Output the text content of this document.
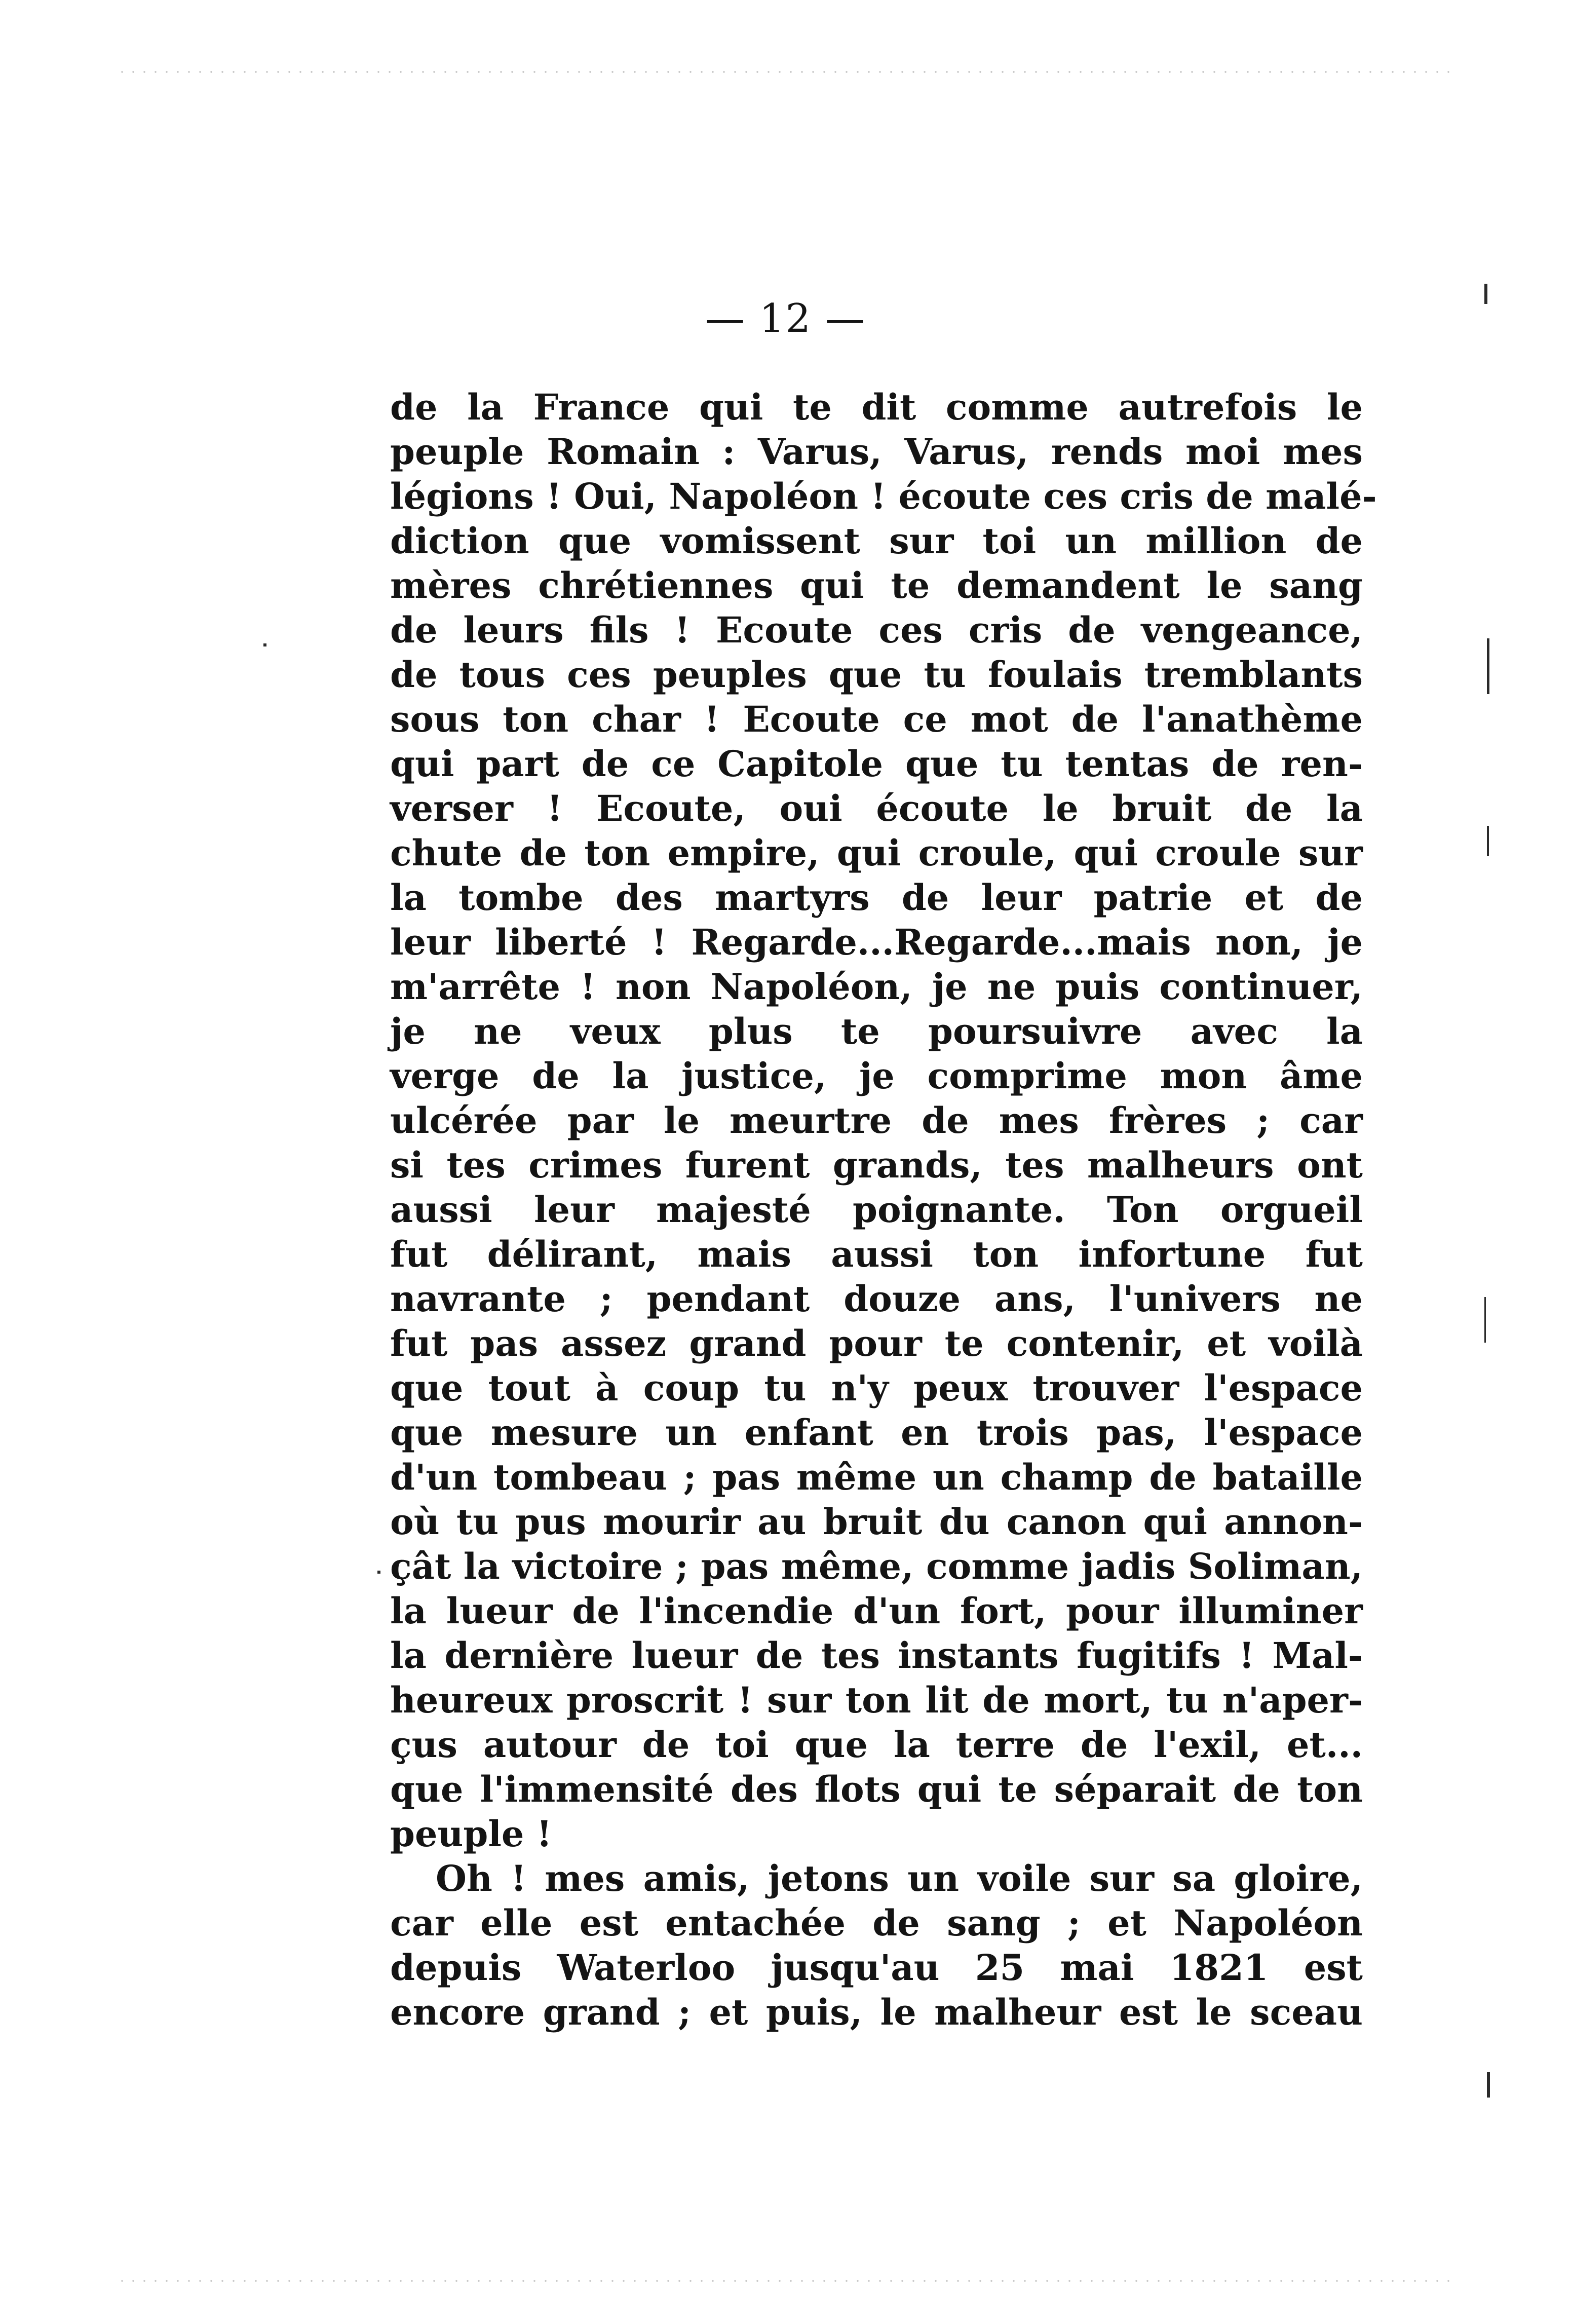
— 12 —
de la France qui te dit comme autrefois le
peuple Romain : Varus, Varus, rends moi mes
légions ! Oui, Napoléon ! écoute ces cris de malé-
diction que vomissent sur toi un million de
mères chrétiennes qui te demandent le sang
de leurs fils ! Ecoute ces cris de vengeance,
de tous ces peuples que tu foulais tremblants
sous ton char ! Ecoute ce mot de l'anathème
qui part de ce Capitole que tu tentas de ren-
verser ! Ecoute, oui écoute le bruit de la
chute de ton empire, qui croule, qui croule sur
la tombe des martyrs de leur patrie et de
leur liberté ! Regarde...Regarde...mais non, je
m'arrête ! non Napoléon, je ne puis continuer,
je ne veux plus te poursuivre avec la
verge de la justice, je comprime mon âme
ulcérée par le meurtre de mes frères ; car
si tes crimes furent grands, tes malheurs ont
aussi leur majesté poignante. Ton orgueil
fut délirant, mais aussi ton infortune fut
navrante ; pendant douze ans, l'univers ne
fut pas assez grand pour te contenir, et voilà
que tout à coup tu n'y peux trouver l'espace
que mesure un enfant en trois pas, l'espace
d'un tombeau ; pas même un champ de bataille
où tu pus mourir au bruit du canon qui annon-
çât la victoire ; pas même, comme jadis Soliman,
la lueur de l'incendie d'un fort, pour illuminer
la dernière lueur de tes instants fugitifs ! Mal-
heureux proscrit ! sur ton lit de mort, tu n'aper-
çus autour de toi que la terre de l'exil, et...
que l'immensité des flots qui te séparait de ton
peuple !
Oh ! mes amis, jetons un voile sur sa gloire,
car elle est entachée de sang ; et Napoléon
depuis Waterloo jusqu'au 25 mai 1821 est
encore grand ; et puis, le malheur est le sceau
